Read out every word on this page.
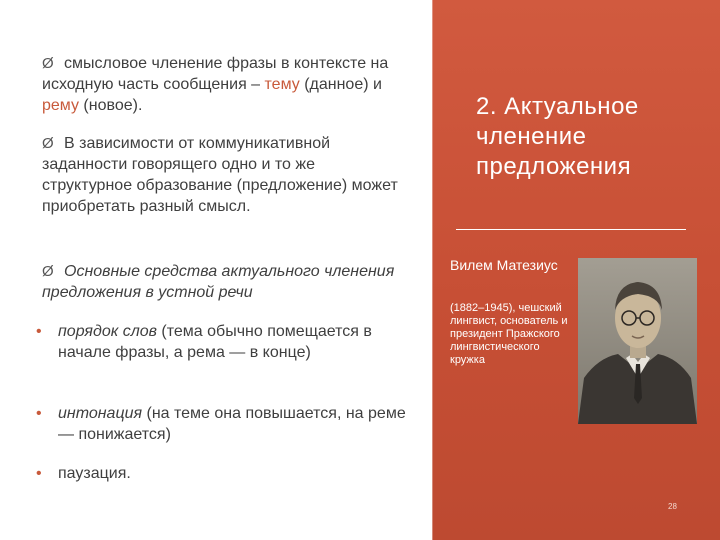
Ø смысловое членение фразы в контексте на исходную часть сообщения – тему (данное) и рему (новое).
Ø В зависимости от коммуникативной заданности говорящего одно и то же структурное образование (предложение) может приобретать разный смысл.
Ø Основные средства актуального членения предложения в устной речи
• порядок слов (тема обычно помещается в начале фразы, а рема — в конце)
• интонация (на теме она повышается, на реме — понижается)
• паузация.
2. Актуальное членение предложения
Вилем Матезиус
(1882–1945), чешский лингвист, основатель и президент Пражского лингвистического кружка
28
